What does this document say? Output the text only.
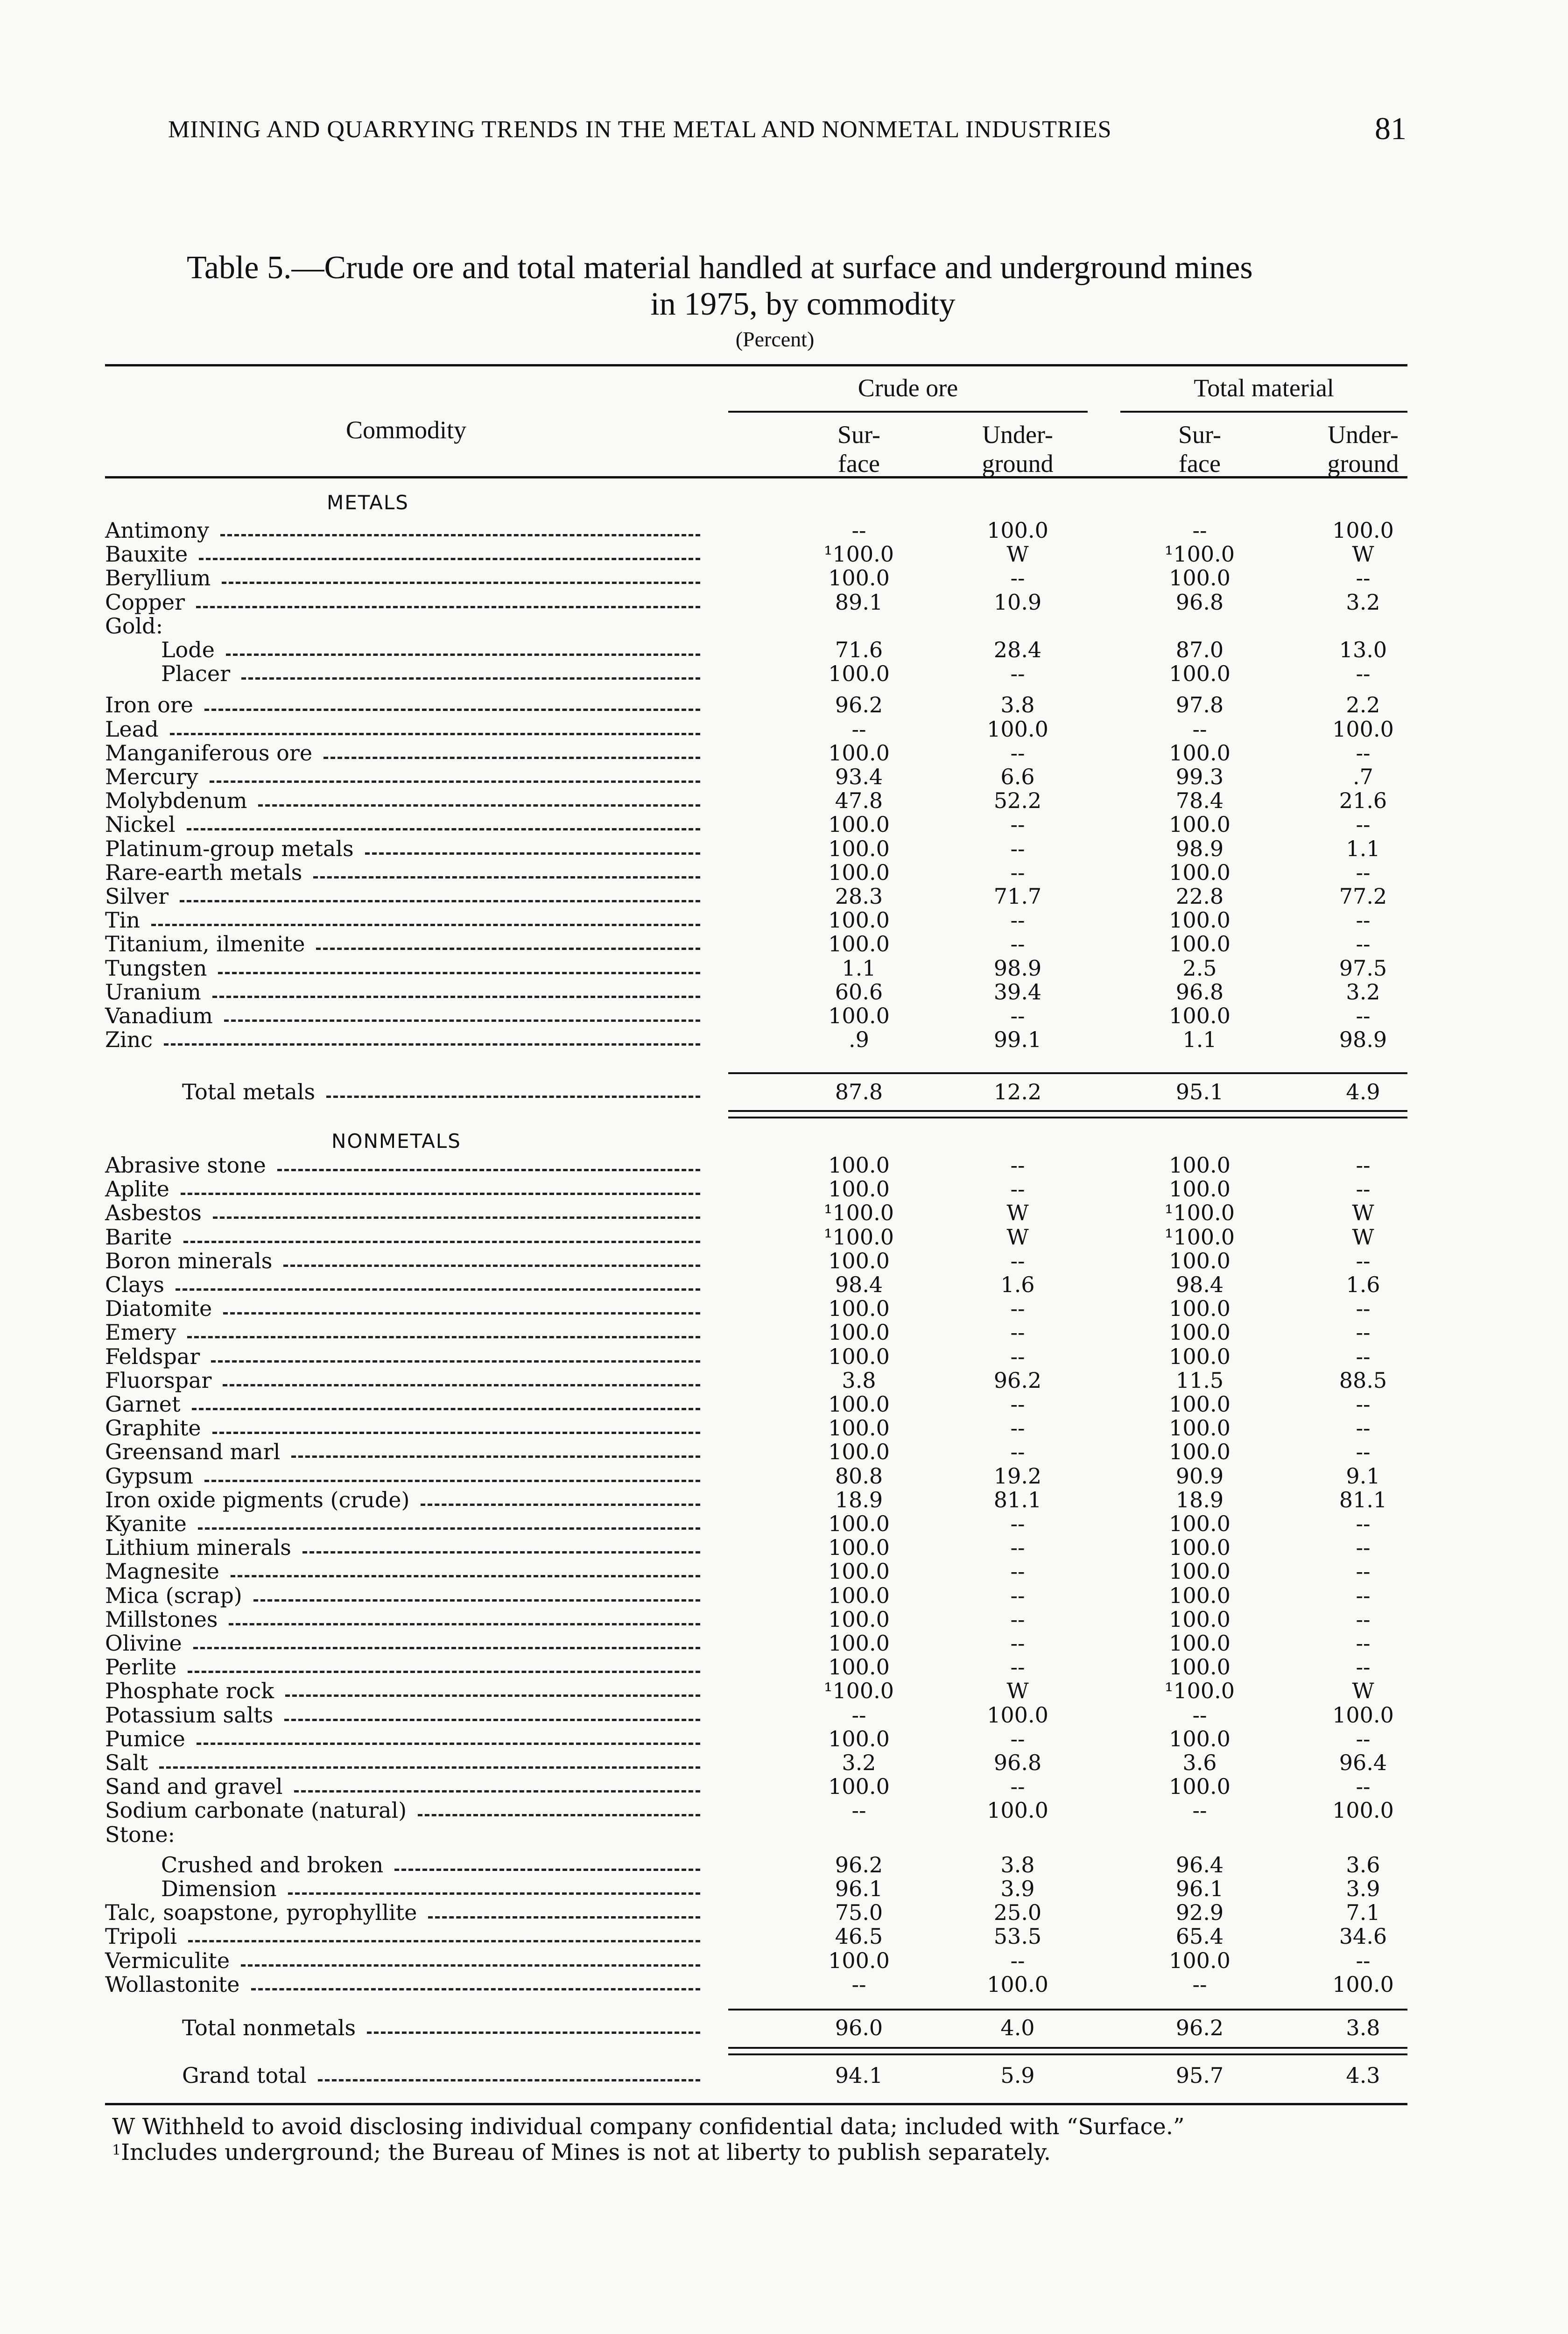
MINING AND QUARRYING TRENDS IN THE METAL AND NONMETAL INDUSTRIES	81
Table 5.—Crude ore and total material handled at surface and underground mines
in 1975, by commodity
(Percent)
Commodity
Crude ore	Total material
Sur-
face
Under-
ground
Sur-
face
Under-
ground
METALS
NONMETALS
Antimony	--	100.0	--	100.0
Bauxite	¹100.0	W	¹100.0	W
Beryllium	100.0	--	100.0	--
Copper	89.1	10.9	96.8	3.2
Gold:
Lode	71.6	28.4	87.0	13.0
Placer	100.0	--	100.0	--
Iron ore	96.2	3.8	97.8	2.2
Lead	--	100.0	--	100.0
Manganiferous ore	100.0	--	100.0	--
Mercury	93.4	6.6	99.3	.7
Molybdenum	47.8	52.2	78.4	21.6
Nickel	100.0	--	100.0	--
Platinum-group metals	100.0	--	98.9	1.1
Rare-earth metals	100.0	--	100.0	--
Silver	28.3	71.7	22.8	77.2
Tin	100.0	--	100.0	--
Titanium, ilmenite	100.0	--	100.0	--
Tungsten	1.1	98.9	2.5	97.5
Uranium	60.6	39.4	96.8	3.2
Vanadium	100.0	--	100.0	--
Zinc	.9	99.1	1.1	98.9
Total metals	87.8	12.2	95.1	4.9
Abrasive stone	100.0	--	100.0	--
Aplite	100.0	--	100.0	--
Asbestos	¹100.0	W	¹100.0	W
Barite	¹100.0	W	¹100.0	W
Boron minerals	100.0	--	100.0	--
Clays	98.4	1.6	98.4	1.6
Diatomite	100.0	--	100.0	--
Emery	100.0	--	100.0	--
Feldspar	100.0	--	100.0	--
Fluorspar	3.8	96.2	11.5	88.5
Garnet	100.0	--	100.0	--
Graphite	100.0	--	100.0	--
Greensand marl	100.0	--	100.0	--
Gypsum	80.8	19.2	90.9	9.1
Iron oxide pigments (crude)	18.9	81.1	18.9	81.1
Kyanite	100.0	--	100.0	--
Lithium minerals	100.0	--	100.0	--
Magnesite	100.0	--	100.0	--
Mica (scrap)	100.0	--	100.0	--
Millstones	100.0	--	100.0	--
Olivine	100.0	--	100.0	--
Perlite	100.0	--	100.0	--
Phosphate rock	¹100.0	W	¹100.0	W
Potassium salts	--	100.0	--	100.0
Pumice	100.0	--	100.0	--
Salt	3.2	96.8	3.6	96.4
Sand and gravel	100.0	--	100.0	--
Sodium carbonate (natural)	--	100.0	--	100.0
Stone:
Crushed and broken	96.2	3.8	96.4	3.6
Dimension	96.1	3.9	96.1	3.9
Talc, soapstone, pyrophyllite	75.0	25.0	92.9	7.1
Tripoli	46.5	53.5	65.4	34.6
Vermiculite	100.0	--	100.0	--
Wollastonite	--	100.0	--	100.0
Total nonmetals	96.0	4.0	96.2	3.8
Grand total	94.1	5.9	95.7	4.3
W Withheld to avoid disclosing individual company confidential data; included with “Surface.”
$^1$Includes underground; the Bureau of Mines is not at liberty to publish separately.
